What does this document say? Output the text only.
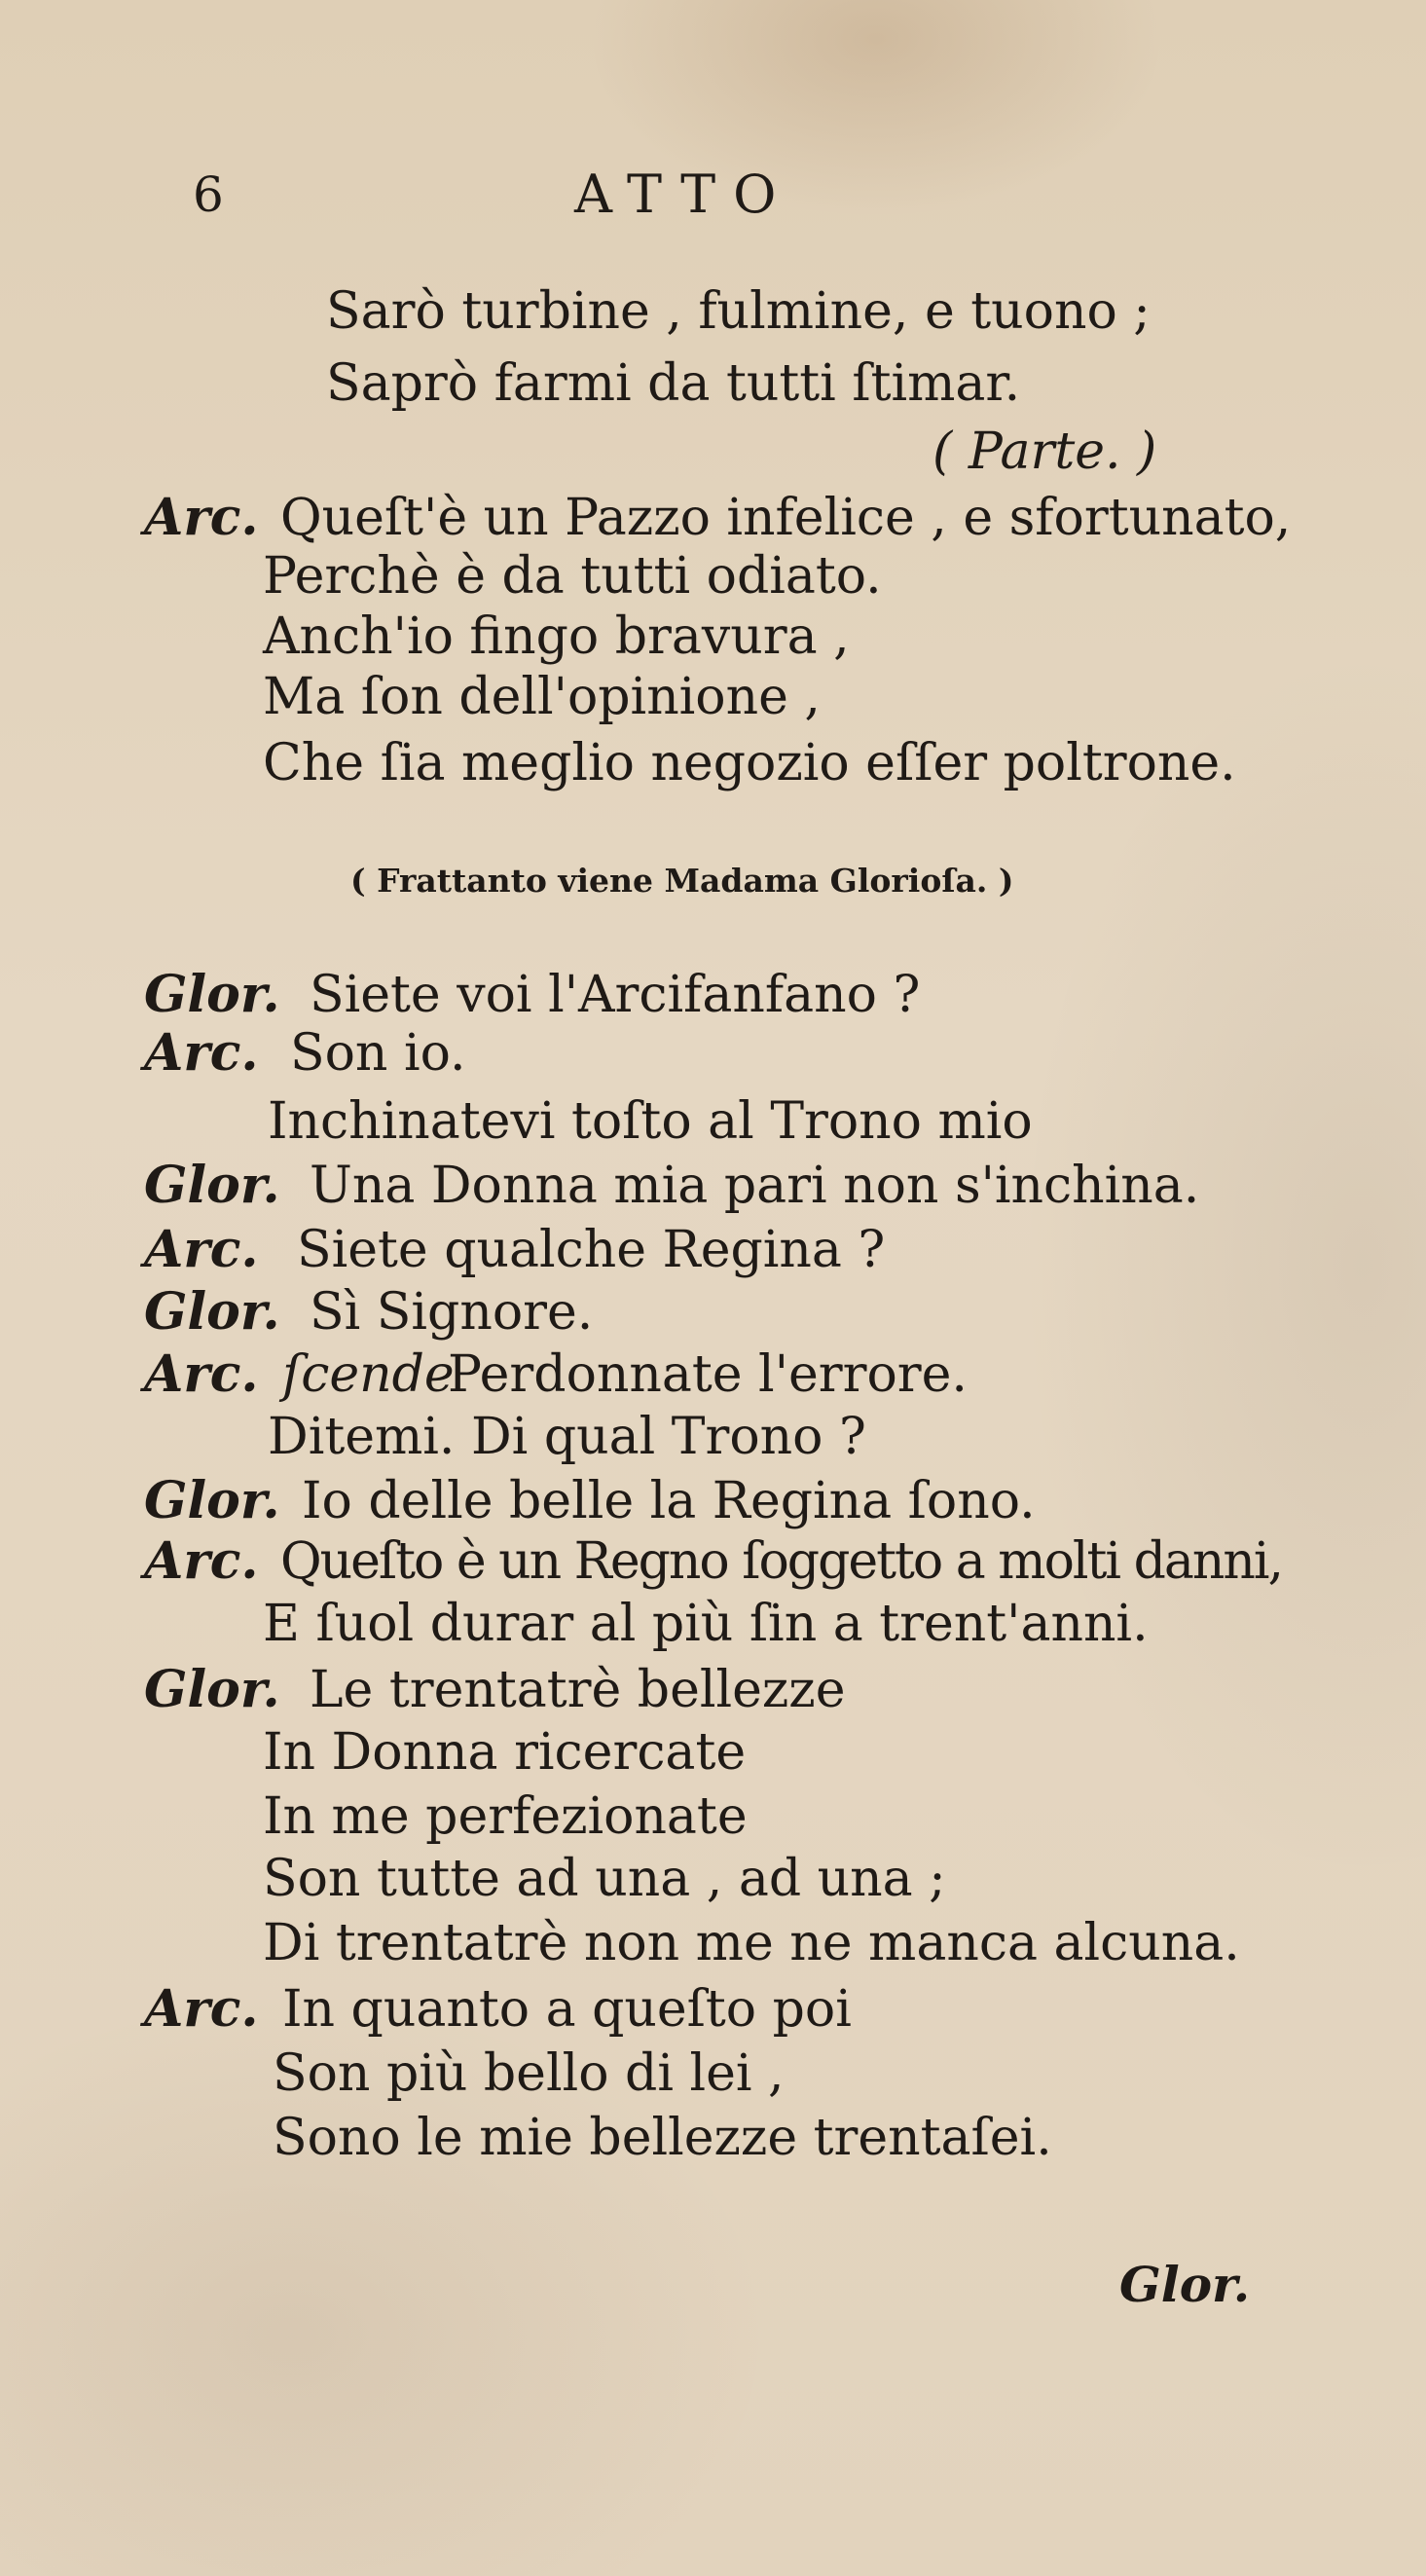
6	ATTO
Sarò turbine , fulmine, e tuono ;
Saprò farmi da tutti ſtimar.
( Parte. )
Arc. Queſt'è un Pazzo infelice , e sfortunato,
Perchè è da tutti odiato.
Anch'io fingo bravura ,
Ma ſon dell'opinione ,
Che ſia meglio negozio eſſer poltrone.
( Frattanto viene Madama Glorioſa. )
Glor. Siete voi l'Arcifanfano ?
Arc. Son io.
Inchinatevi toſto al Trono mio
Glor. Una Donna mia pari non s'inchina.
Arc. Siete qualche Regina ?
Glor. Sì Signore.
Arc. ſcende
Perdonnate l'errore.
Ditemi. Di qual Trono ?
Glor. Io delle belle la Regina ſono.
Arc. Queſto è un Regno ſoggetto a molti danni,
E ſuol durar al più ſin a trent'anni.
Glor. Le trentatrè bellezze
In Donna ricercate
In me perfezionate
Son tutte ad una , ad una ;
Di trentatrè non me ne manca alcuna.
Arc. In quanto a queſto poi
Son più bello di lei ,
Sono le mie bellezze trentaſei.
Glor.
